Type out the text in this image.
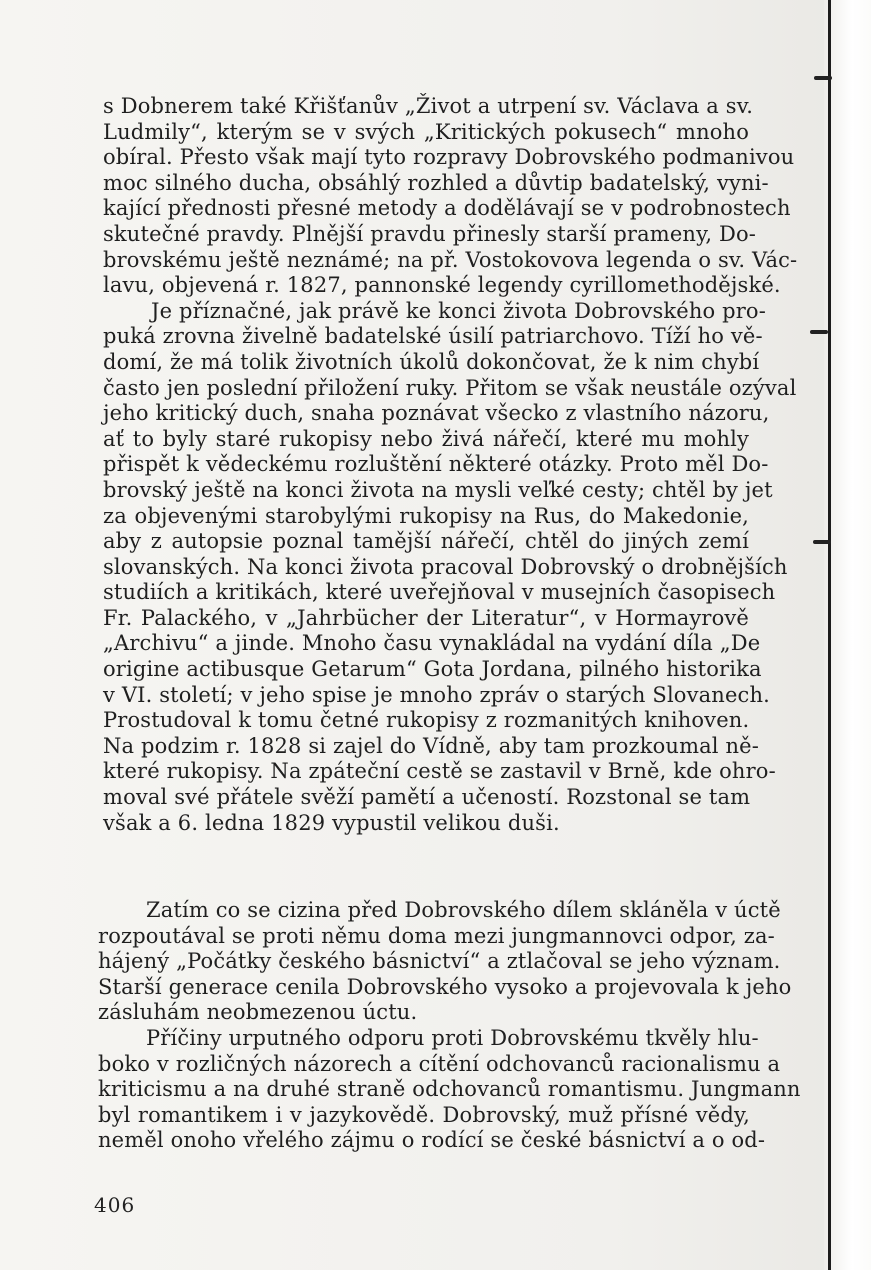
s Dobnerem také Křišťanův „Život a utrpení sv. Václava a sv.
Ludmily“, kterým se v svých „Kritických pokusech“ mnoho
obíral. Přesto však mají tyto rozpravy Dobrovského podmanivou
moc silného ducha, obsáhlý rozhled a důvtip badatelský, vyni-
kající přednosti přesné metody a dodělávají se v podrobnostech
skutečné pravdy. Plnější pravdu přinesly starší prameny, Do-
brovskému ještě neznámé; na př. Vostokovova legenda o sv. Vác-
lavu, objevená r. 1827, pannonské legendy cyrillomethodějské.
Je příznačné, jak právě ke konci života Dobrovského pro-
puká zrovna živelně badatelské úsilí patriarchovo. Tíží ho vě-
domí, že má tolik životních úkolů dokončovat, že k nim chybí
často jen poslední přiložení ruky. Přitom se však neustále ozýval
jeho kritický duch, snaha poznávat všecko z vlastního názoru,
ať to byly staré rukopisy nebo živá nářečí, které mu mohly
přispět k vědeckému rozluštění některé otázky. Proto měl Do-
brovský ještě na konci života na mysli veľké cesty; chtěl by jet
za objevenými starobylými rukopisy na Rus, do Makedonie,
aby z autopsie poznal tamější nářečí, chtěl do jiných zemí
slovanských. Na konci života pracoval Dobrovský o drobnějších
studiích a kritikách, které uveřejňoval v musejních časopisech
Fr. Palackého, v „Jahrbücher der Literatur“, v Hormayrově
„Archivu“ a jinde. Mnoho času vynakládal na vydání díla „De
origine actibusque Getarum“ Gota Jordana, pilného historika
v VI. století; v jeho spise je mnoho zpráv o starých Slovanech.
Prostudoval k tomu četné rukopisy z rozmanitých knihoven.
Na podzim r. 1828 si zajel do Vídně, aby tam prozkoumal ně-
které rukopisy. Na zpáteční cestě se zastavil v Brně, kde ohro-
moval své přátele svěží pamětí a učeností. Rozstonal se tam
však a 6. ledna 1829 vypustil velikou duši.
Zatím co se cizina před Dobrovského dílem skláněla v úctě
rozpoutával se proti němu doma mezi jungmannovci odpor, za-
hájený „Počátky českého básnictví“ a ztlačoval se jeho význam.
Starší generace cenila Dobrovského vysoko a projevovala k jeho
zásluhám neobmezenou úctu.
Příčiny urputného odporu proti Dobrovskému tkvěly hlu-
boko v rozličných názorech a cítění odchovanců racionalismu a
kriticismu a na druhé straně odchovanců romantismu. Jungmann
byl romantikem i v jazykovědě. Dobrovský, muž přísné vědy,
neměl onoho vřelého zájmu o rodící se české básnictví a o od-
406
